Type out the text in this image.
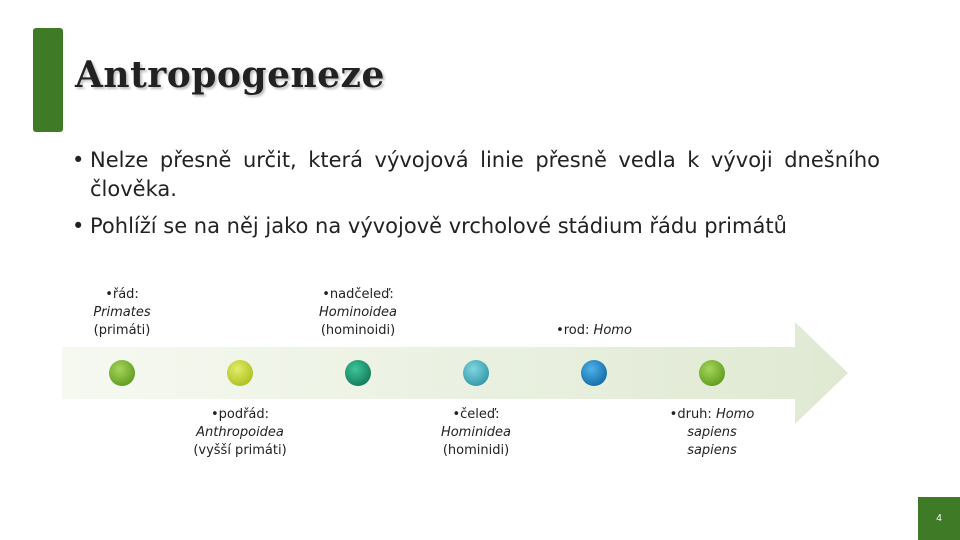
Antropogeneze
• Nelze přesně určit, která vývojová linie přesně vedla k vývoji dnešního člověka.
• Pohlíží se na něj jako na vývojově vrcholové stádium řádu primátů
•řád:
Primates
(primáti)
•podřád:
Anthropoidea
(vyšší primáti)
•nadčeleď:
Hominoidea
(hominoidi)
•čeleď:
Hominidea
(hominidi)
•rod: Homo
•druh: Homo
sapiens
sapiens
4
